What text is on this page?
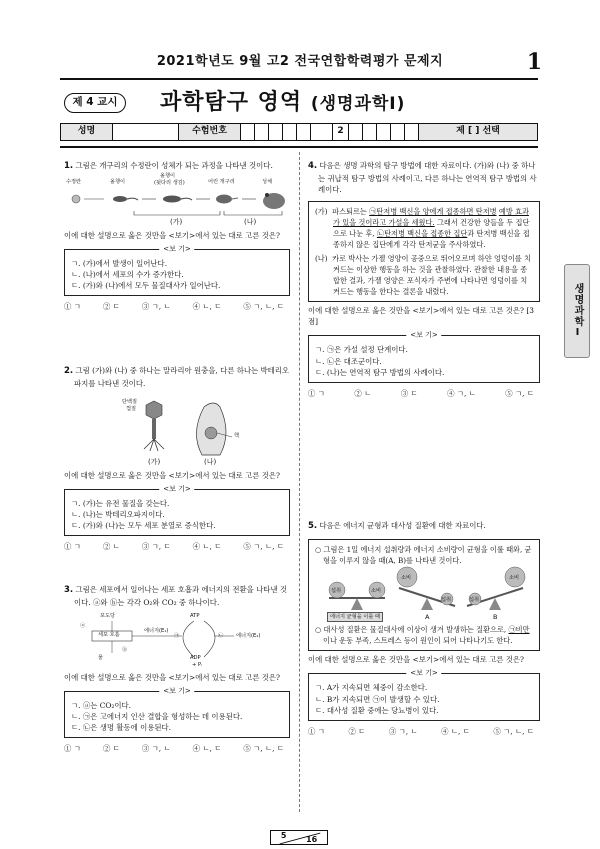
2021학년도 9월 고2 전국연합학력평가 문제지	1
제 4 교시	과학탐구 영역 (생명과학Ⅰ)
성명	수험번호	2	제 [ ] 선택
1. 그림은 개구리의 수정란이 성체가 되는 과정을 나타낸 것이다.
수정란	올챙이
올챙이
(뒷다리 생김)	어린 개구리	성체
(가)	(나)
이에 대한 설명으로 옳은 것만을 <보기>에서 있는 대로 고른 것은?
<보 기>
ㄱ. (가)에서 발생이 일어난다.
ㄴ. (나)에서 세포의 수가 증가한다.
ㄷ. (가)와 (나)에서 모두 물질대사가 일어난다.
① ㄱ	② ㄷ	③ ㄱ, ㄴ	④ ㄴ, ㄷ	⑤ ㄱ, ㄴ, ㄷ
2. 그림 (가)와 (나) 중 하나는 말라리아 원충을, 다른 하나는 박테리오파지를 나타낸 것이다.
단백질
껍질
핵
(가)	(나)
이에 대한 설명으로 옳은 것만을 <보기>에서 있는 대로 고른 것은?
<보 기>
ㄱ. (가)는 유전 물질을 갖는다.
ㄴ. (나)는 박테리오파지이다.
ㄷ. (가)와 (나)는 모두 세포 분열로 증식한다.
① ㄱ	② ㄴ	③ ㄱ, ㄷ	④ ㄴ, ㄷ	⑤ ㄱ, ㄴ, ㄷ
3. 그림은 세포에서 일어나는 세포 호흡과 에너지의 전환을 나타낸 것이다. ⓐ와 ⓑ는 각각 O₂와 CO₂ 중 하나이다.
포도당
ⓐ
세포 호흡
물
ⓑ
ATP
에너지(E₁)
에너지(E₂)
ADP
+ Pᵢ
㉠	㉡
이에 대한 설명으로 옳은 것만을 <보기>에서 있는 대로 고른 것은?
<보 기>
ㄱ. ⓐ는 CO₂이다.
ㄴ. ㉠은 고에너지 인산 결합을 형성하는 데 이용된다.
ㄷ. ㉡은 생명 활동에 이용된다.
① ㄱ	② ㄷ	③ ㄱ, ㄴ	④ ㄴ, ㄷ	⑤ ㄱ, ㄴ, ㄷ
4. 다음은 생명 과학의 탐구 방법에 대한 자료이다. (가)와 (나) 중 하나는 귀납적 탐구 방법의 사례이고, 다른 하나는 연역적 탐구 방법의 사례이다.
(가) 파스퇴르는 ㉠탄저병 백신을 양에게 접종하면 탄저병 예방 효과가 있을 것이라고 가설을 세웠다. 그래서 건강한 양들을 두 집단으로 나눈 후, ㉡탄저병 백신을 접종한 집단과 탄저병 백신을 접종하지 않은 집단에게 각각 탄저균을 주사하였다.
(나) 카로 박사는 가젤 영양이 공중으로 뛰어오르며 하얀 엉덩이를 치켜드는 이상한 행동을 하는 것을 관찰하였다. 관찰한 내용을 종합한 결과, 가젤 영양은 포식자가 주변에 나타나면 엉덩이를 치켜드는 행동을 한다는 결론을 내렸다.
이에 대한 설명으로 옳은 것만을 <보기>에서 있는 대로 고른 것은? [3점]
<보 기>
ㄱ. ㉠은 가설 설정 단계이다.
ㄴ. ㉡은 대조군이다.
ㄷ. (나)는 연역적 탐구 방법의 사례이다.
① ㄱ	② ㄴ	③ ㄷ	④ ㄱ, ㄴ	⑤ ㄱ, ㄷ
5. 다음은 에너지 균형과 대사성 질환에 대한 자료이다.
○ 그림은 1일 에너지 섭취량과 에너지 소비량이 균형을 이룰 때와, 균형을 이루지 않을 때(A, B)를 나타낸 것이다.
섭취	소비
소비
섭취	섭취
소비
에너지 균형을 이룰 때	A	B
○ 대사성 질환은 물질대사에 이상이 생겨 발생하는 질환으로, ㉠비만이나 운동 부족, 스트레스 등이 원인이 되어 나타나기도 한다.
이에 대한 설명으로 옳은 것만을 <보기>에서 있는 대로 고른 것은?
<보 기>
ㄱ. A가 지속되면 체중이 감소한다.
ㄴ. B가 지속되면 ㉠이 발생할 수 있다.
ㄷ. 대사성 질환 중에는 당뇨병이 있다.
① ㄱ	② ㄷ	③ ㄱ, ㄴ	④ ㄴ, ㄷ	⑤ ㄱ, ㄴ, ㄷ
생명과학Ⅰ
5 16
